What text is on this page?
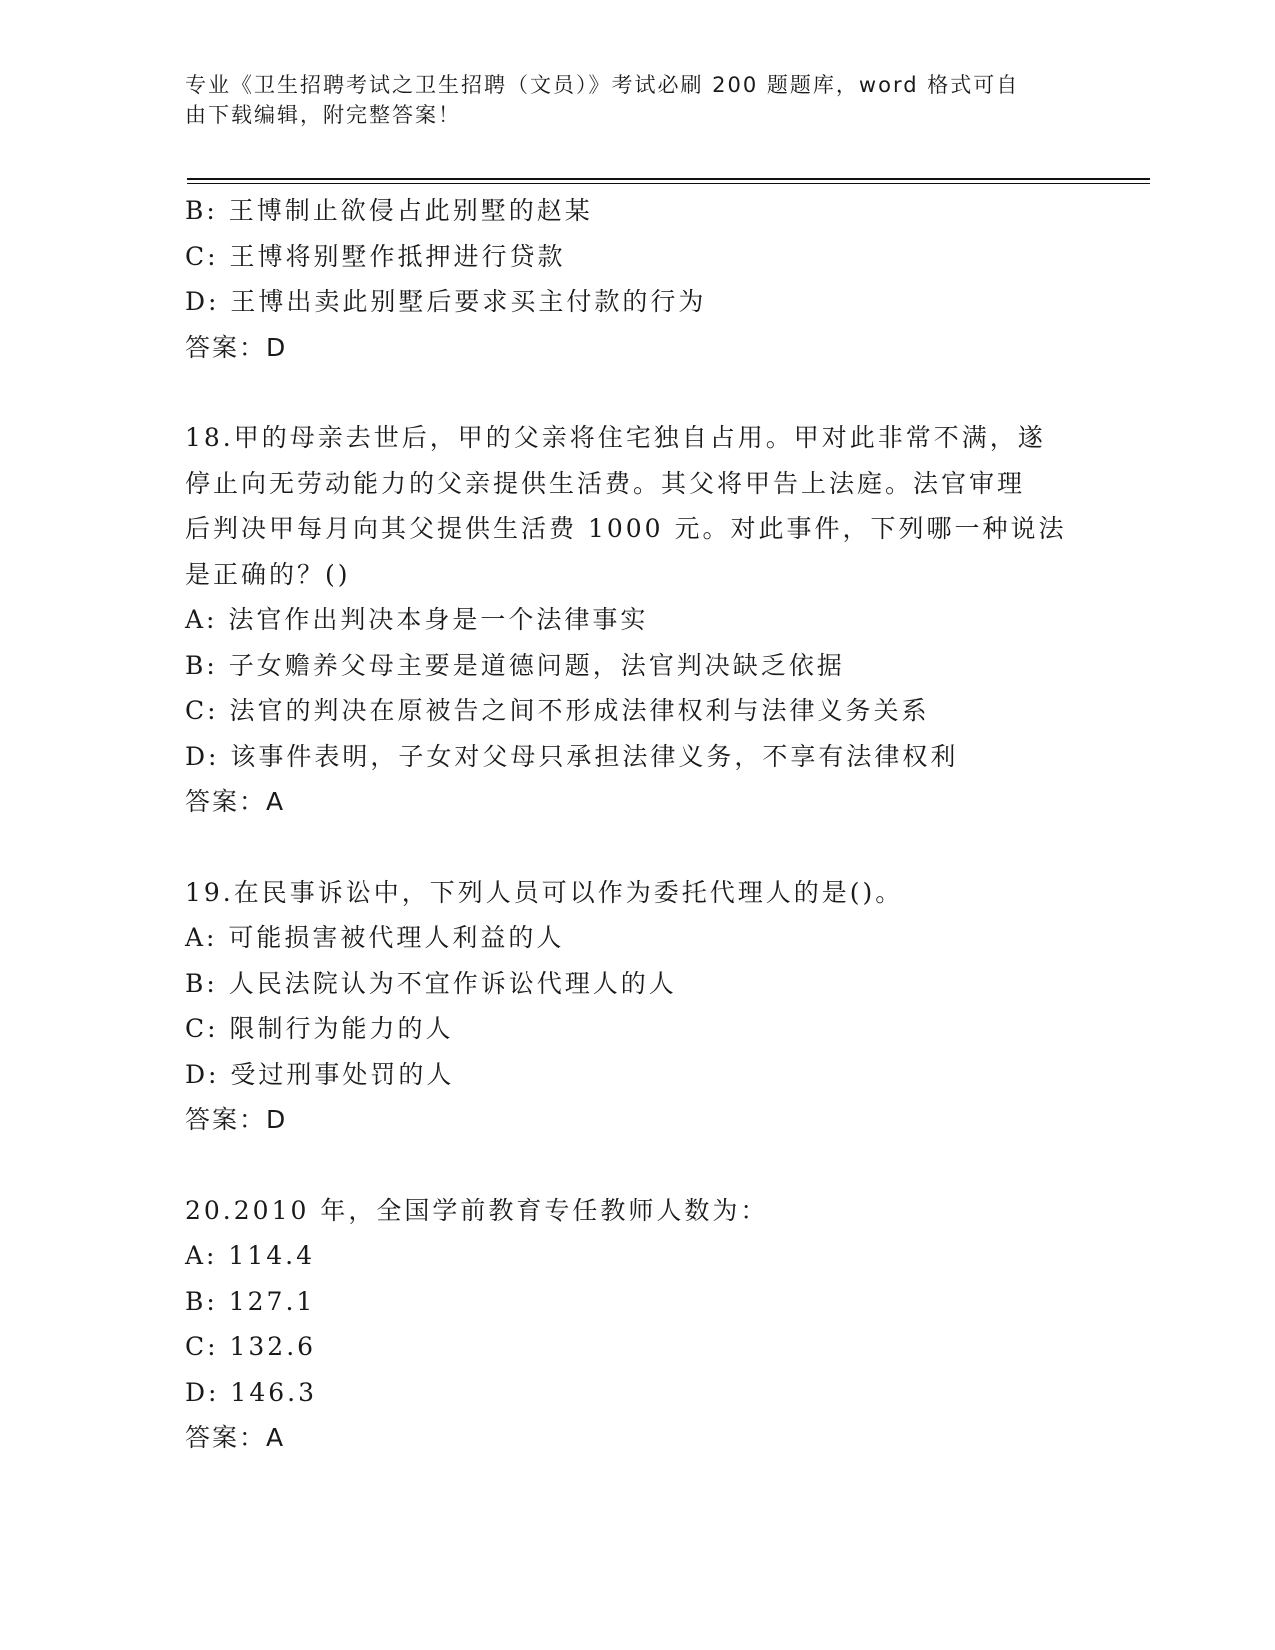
专业《卫生招聘考试之卫生招聘（文员）》考试必刷 200 题题库，word 格式可自
由下载编辑，附完整答案！
B: 王博制止欲侵占此别墅的赵某
C: 王博将别墅作抵押进行贷款
D: 王博出卖此别墅后要求买主付款的行为
答案：D
18.甲的母亲去世后，甲的父亲将住宅独自占用。甲对此非常不满，遂
停止向无劳动能力的父亲提供生活费。其父将甲告上法庭。法官审理
后判决甲每月向其父提供生活费 1000 元。对此事件，下列哪一种说法
是正确的？()
A: 法官作出判决本身是一个法律事实
B: 子女赡养父母主要是道德问题，法官判决缺乏依据
C: 法官的判决在原被告之间不形成法律权利与法律义务关系
D: 该事件表明，子女对父母只承担法律义务，不享有法律权利
答案：A
19.在民事诉讼中，下列人员可以作为委托代理人的是()。
A: 可能损害被代理人利益的人
B: 人民法院认为不宜作诉讼代理人的人
C: 限制行为能力的人
D: 受过刑事处罚的人
答案：D
20.2010 年，全国学前教育专任教师人数为：
A: 114.4
B: 127.1
C: 132.6
D: 146.3
答案：A
